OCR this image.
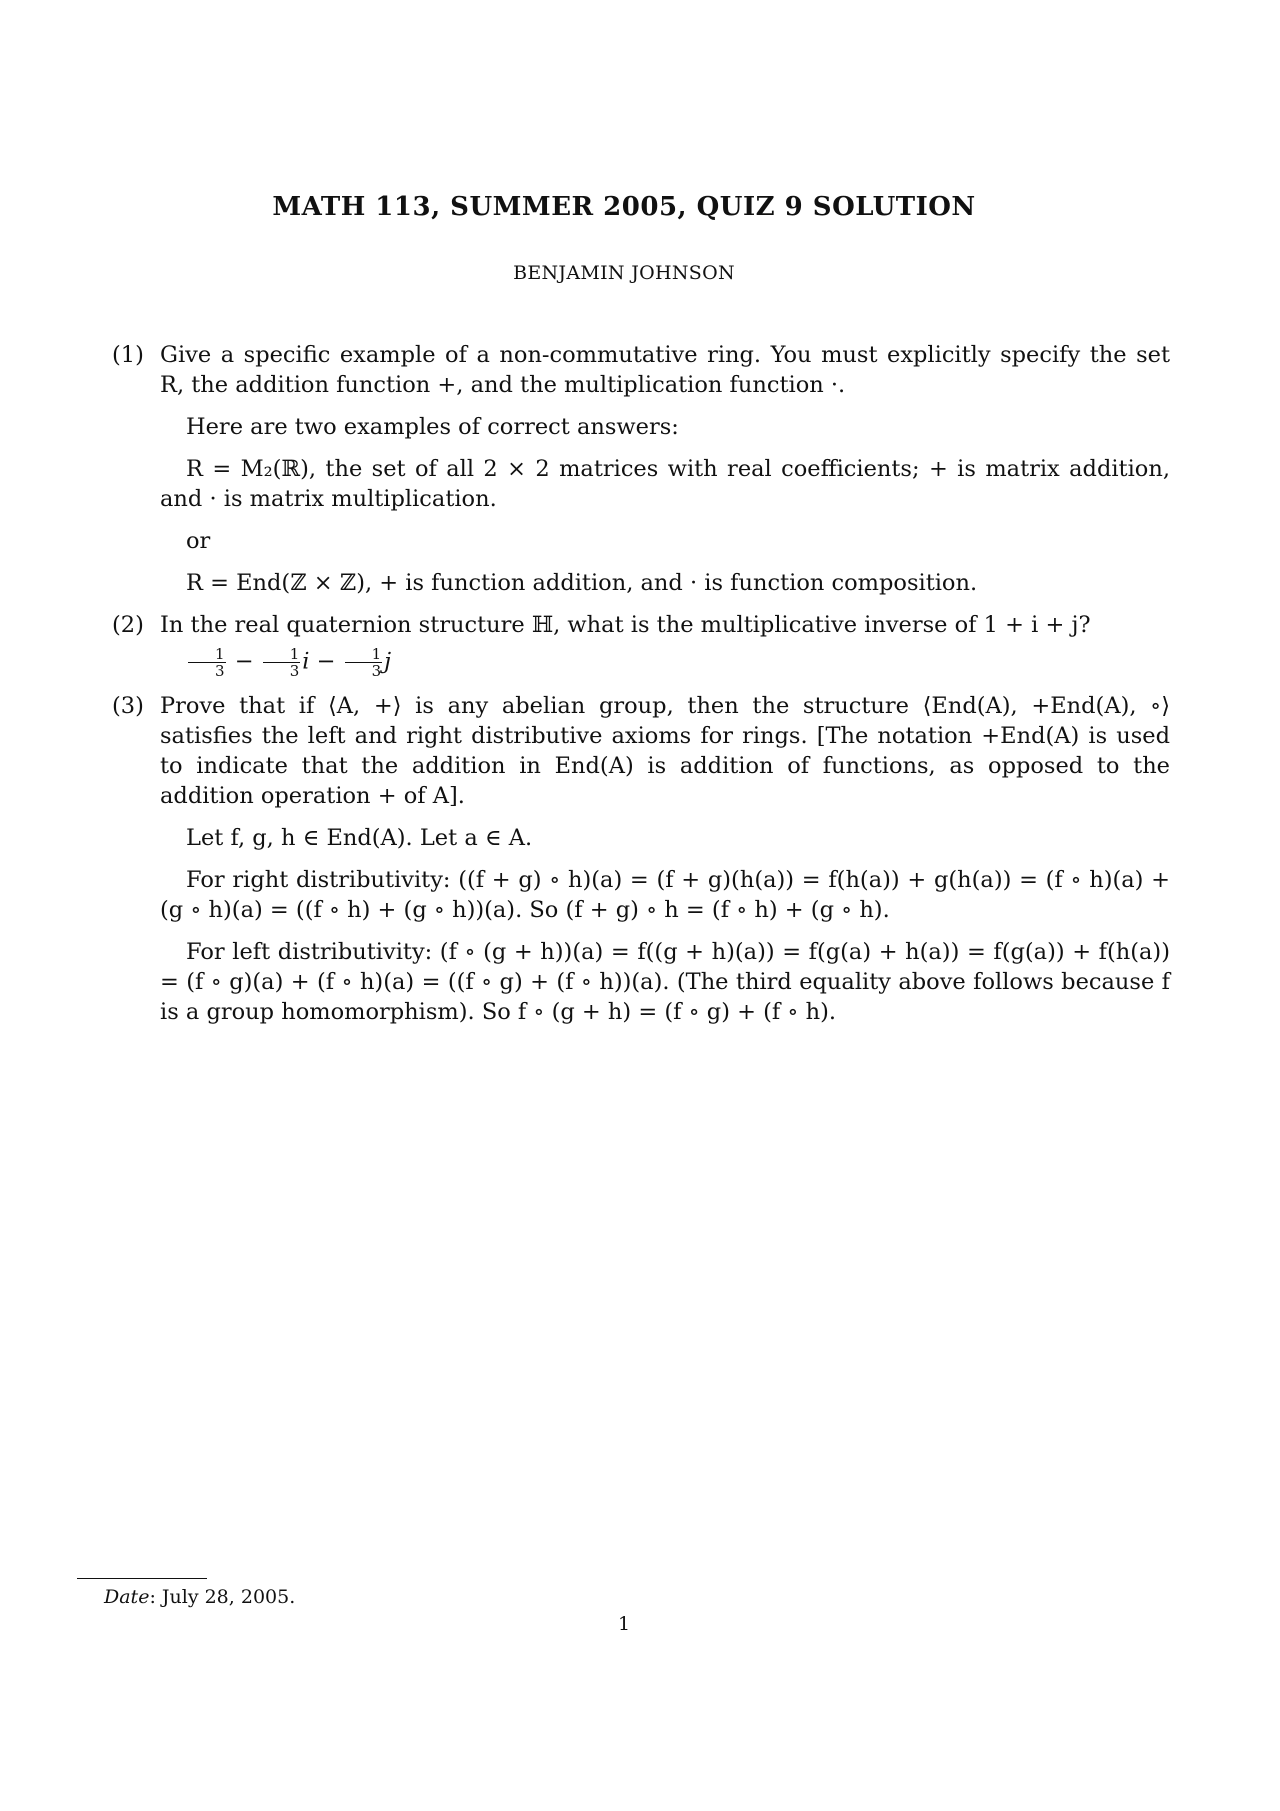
MATH 113, SUMMER 2005, QUIZ 9 SOLUTION
BENJAMIN JOHNSON
(1) Give a specific example of a non-commutative ring. You must explicitly specify the set R, the addition function +, and the multiplication function ·.

Here are two examples of correct answers:

R = M₂(ℝ), the set of all 2 × 2 matrices with real coefficients; + is matrix addition, and · is matrix multiplication.

or

R = End(ℤ × ℤ), + is function addition, and · is function composition.

(2) In the real quaternion structure ℍ, what is the multiplicative inverse of 1 + i + j?

$\frac{1}{3} - \frac{1}{3}$ $i - \frac{1}{3}$ j

(3) Prove that if ⟨A, +⟩ is any abelian group, then the structure ⟨End(A), +End(A), ∘⟩ satisfies the left and right distributive axioms for rings. [The notation +End(A) is used to indicate that the addition in End(A) is addition of functions, as opposed to the addition operation + of A].

Let f, g, h ∈ End(A). Let a ∈ A.

For right distributivity: ((f + g) ∘ h)(a) = (f + g)(h(a)) = f(h(a)) + g(h(a)) = (f ∘ h)(a) + (g ∘ h)(a) = ((f ∘ h) + (g ∘ h))(a). So (f + g) ∘ h = (f ∘ h) + (g ∘ h).

For left distributivity: (f ∘ (g + h))(a) = f((g + h)(a)) = f(g(a) + h(a)) = f(g(a)) + f(h(a)) = (f ∘ g)(a) + (f ∘ h)(a) = ((f ∘ g) + (f ∘ h))(a). (The third equality above follows because f is a group homomorphism). So f ∘ (g + h) = (f ∘ g) + (f ∘ h).

Date: July 28, 2005.
1
